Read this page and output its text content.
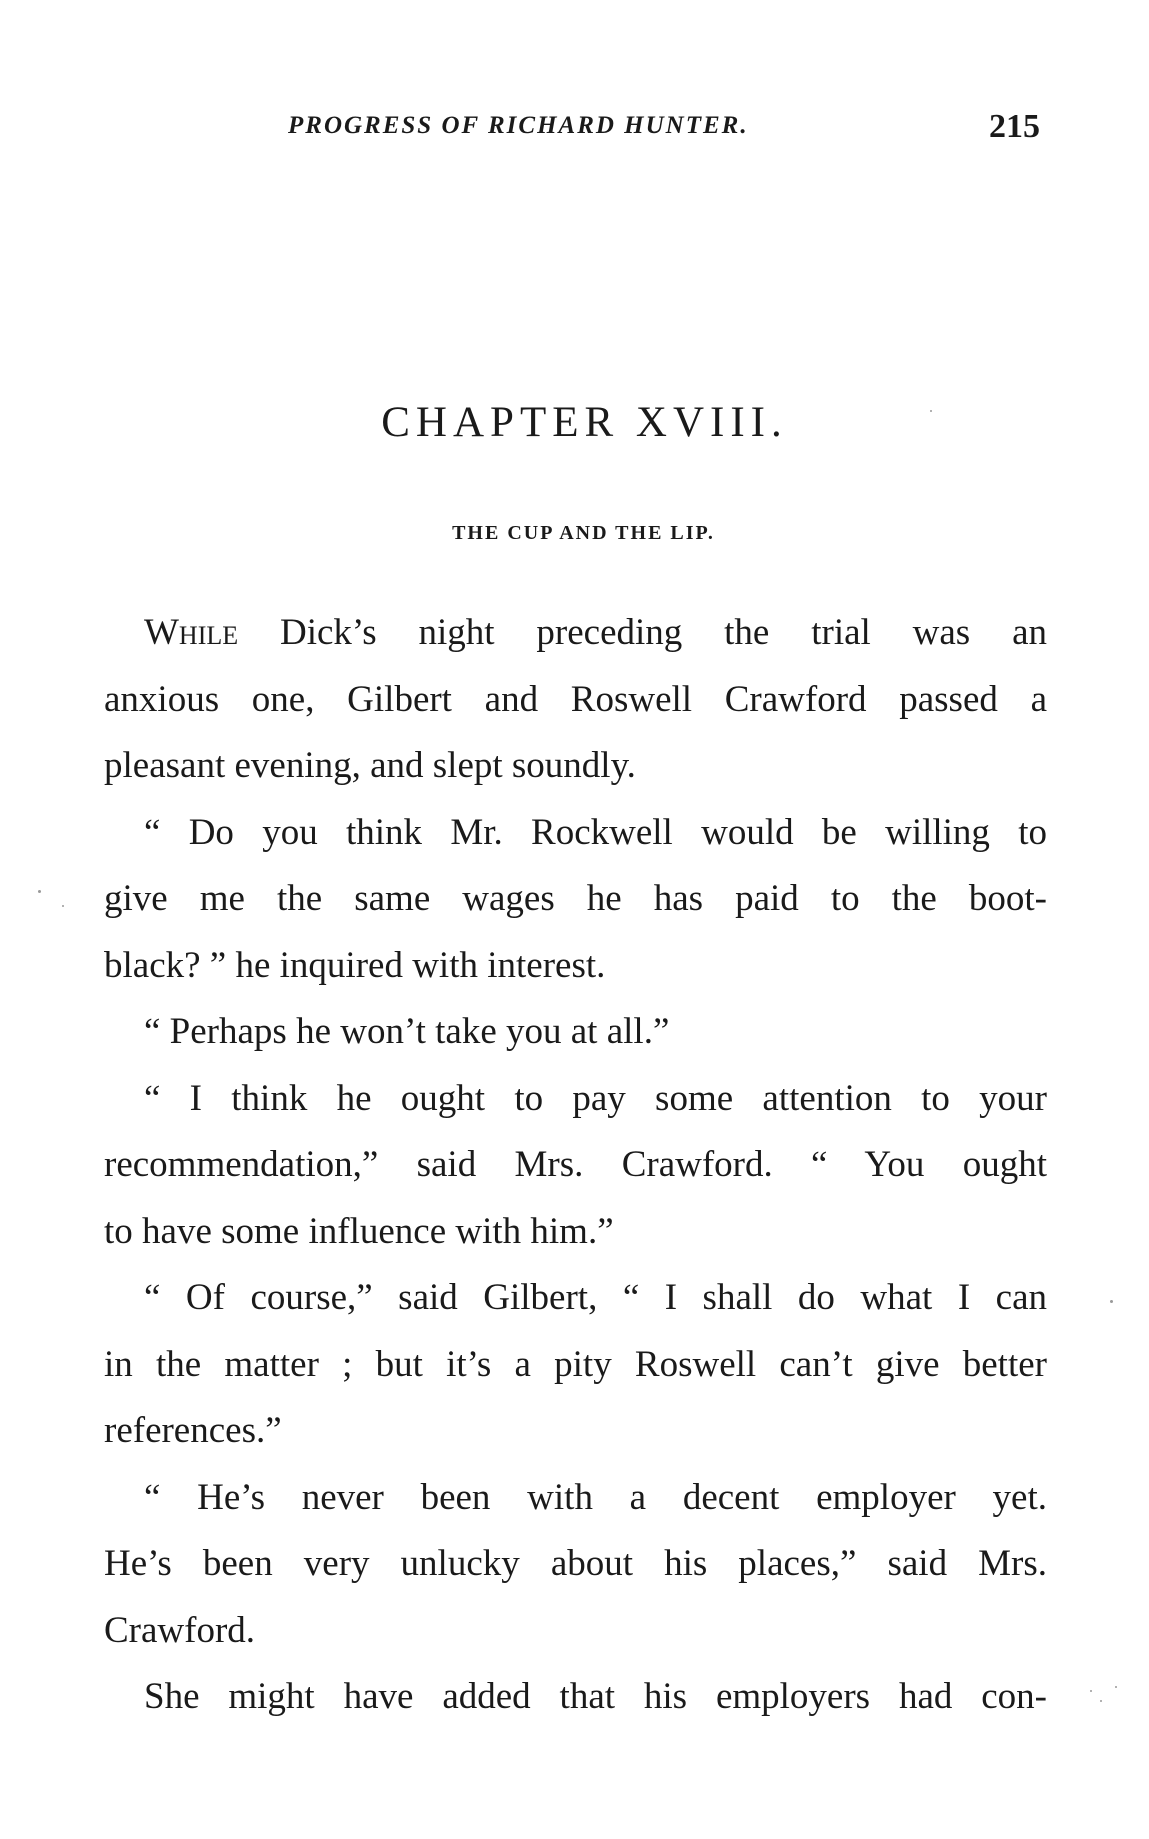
PROGRESS OF RICHARD HUNTER.	215
CHAPTER XVIII.
THE CUP AND THE LIP.
While Dick’s night preceding the trial was an
anxious one, Gilbert and Roswell Crawford passed a
pleasant evening, and slept soundly.
“ Do you think Mr. Rockwell would be willing to
give me the same wages he has paid to the boot-
black? ” he inquired with interest.
“ Perhaps he won’t take you at all.”
“ I think he ought to pay some attention to your
recommendation,” said Mrs. Crawford. “ You ought
to have some influence with him.”
“ Of course,” said Gilbert, “ I shall do what I can
in the matter ; but it’s a pity Roswell can’t give better
references.”
“ He’s never been with a decent employer yet.
He’s been very unlucky about his places,” said Mrs.
Crawford.
She might have added that his employers had con-
